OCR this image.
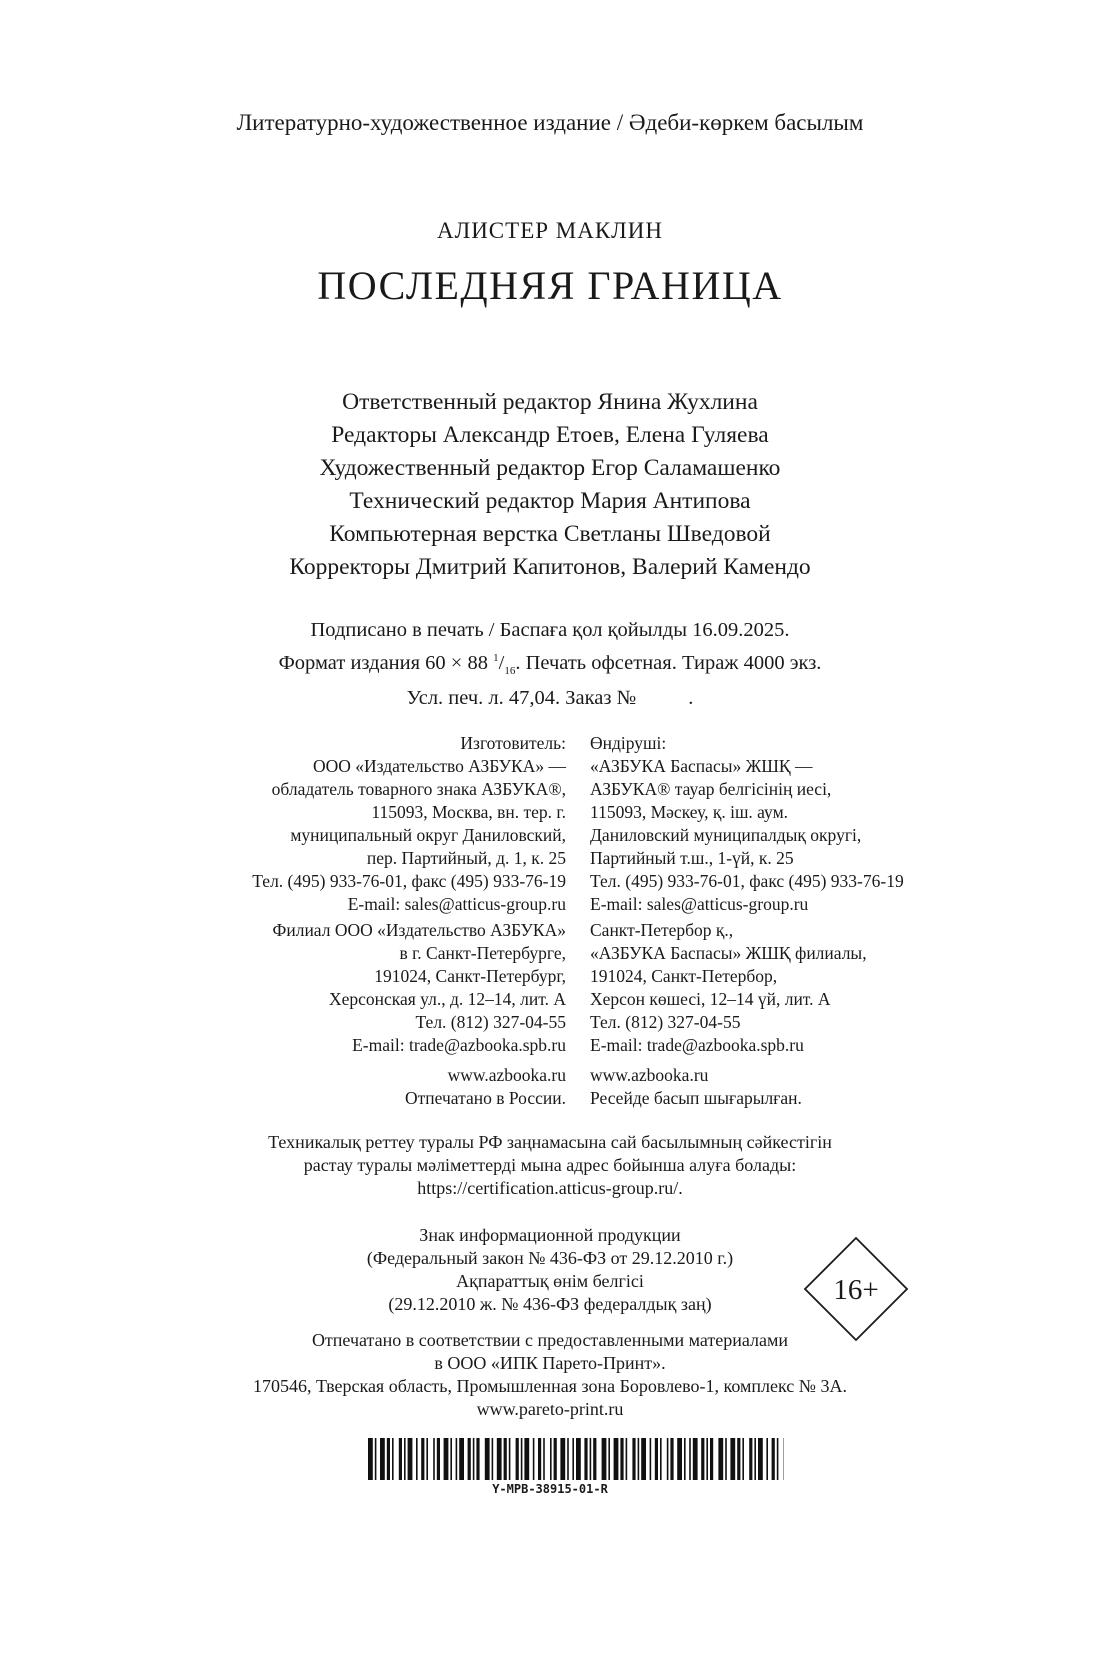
Литературно-художественное издание / Әдеби-көркем басылым
АЛИСТЕР МАКЛИН
ПОСЛЕДНЯЯ ГРАНИЦА
Ответственный редактор Янина Жухлина
Редакторы Александр Етоев, Елена Гуляева
Художественный редактор Егор Саламашенко
Технический редактор Мария Антипова
Компьютерная верстка Светланы Шведовой
Корректоры Дмитрий Капитонов, Валерий Камендо
Подписано в печать / Баспаға қол қойылды 16.09.2025.
Формат издания 60 × 88 $^1/_{16}$. Печать офсетная. Тираж 4000 экз.
Усл. печ. л. 47,04. Заказ №	.
Изготовитель:
ООО «Издательство АЗБУКА» —
обладатель товарного знака АЗБУКА®,
115093, Москва, вн. тер. г.
муниципальный округ Даниловский,
пер. Партийный, д. 1, к. 25
Тел. (495) 933-76-01, факс (495) 933-76-19
E-mail: sales@atticus-group.ru
Өндіруші:
«АЗБУКА Баспасы» ЖШҚ —
АЗБУКА® тауар белгісінің иесі,
115093, Мәскеу, қ. іш. аум.
Даниловский муниципалдық округі,
Партийный т.ш., 1-үй, к. 25
Тел. (495) 933-76-01, факс (495) 933-76-19
E-mail: sales@atticus-group.ru
Филиал ООО «Издательство АЗБУКА»
в г. Санкт-Петербурге,
191024, Санкт-Петербург,
Херсонская ул., д. 12–14, лит. А
Тел. (812) 327-04-55
E-mail: trade@azbooka.spb.ru
Санкт-Петербор қ.,
«АЗБУКА Баспасы» ЖШҚ филиалы,
191024, Санкт-Петербор,
Херсон көшесі, 12–14 үй, лит. А
Тел. (812) 327-04-55
E-mail: trade@azbooka.spb.ru
www.azbooka.ru
Отпечатано в России.
www.azbooka.ru
Ресейде басып шығарылған.
Техникалық реттеу туралы РФ заңнамасына сай басылымның сәйкестігін
растау туралы мәліметтерді мына адрес бойынша алуға болады:
https://certification.atticus-group.ru/.
Знак информационной продукции
(Федеральный закон № 436-ФЗ от 29.12.2010 г.)
Ақпараттық өнім белгісі
(29.12.2010 ж. № 436-ФЗ федералдық заң)	16+
Отпечатано в соответствии с предоставленными материалами
в ООО «ИПК Парето-Принт».
170546, Тверская область, Промышленная зона Боровлево-1, комплекс № 3А.
www.pareto-print.ru
Y-MPB-38915-01-R
